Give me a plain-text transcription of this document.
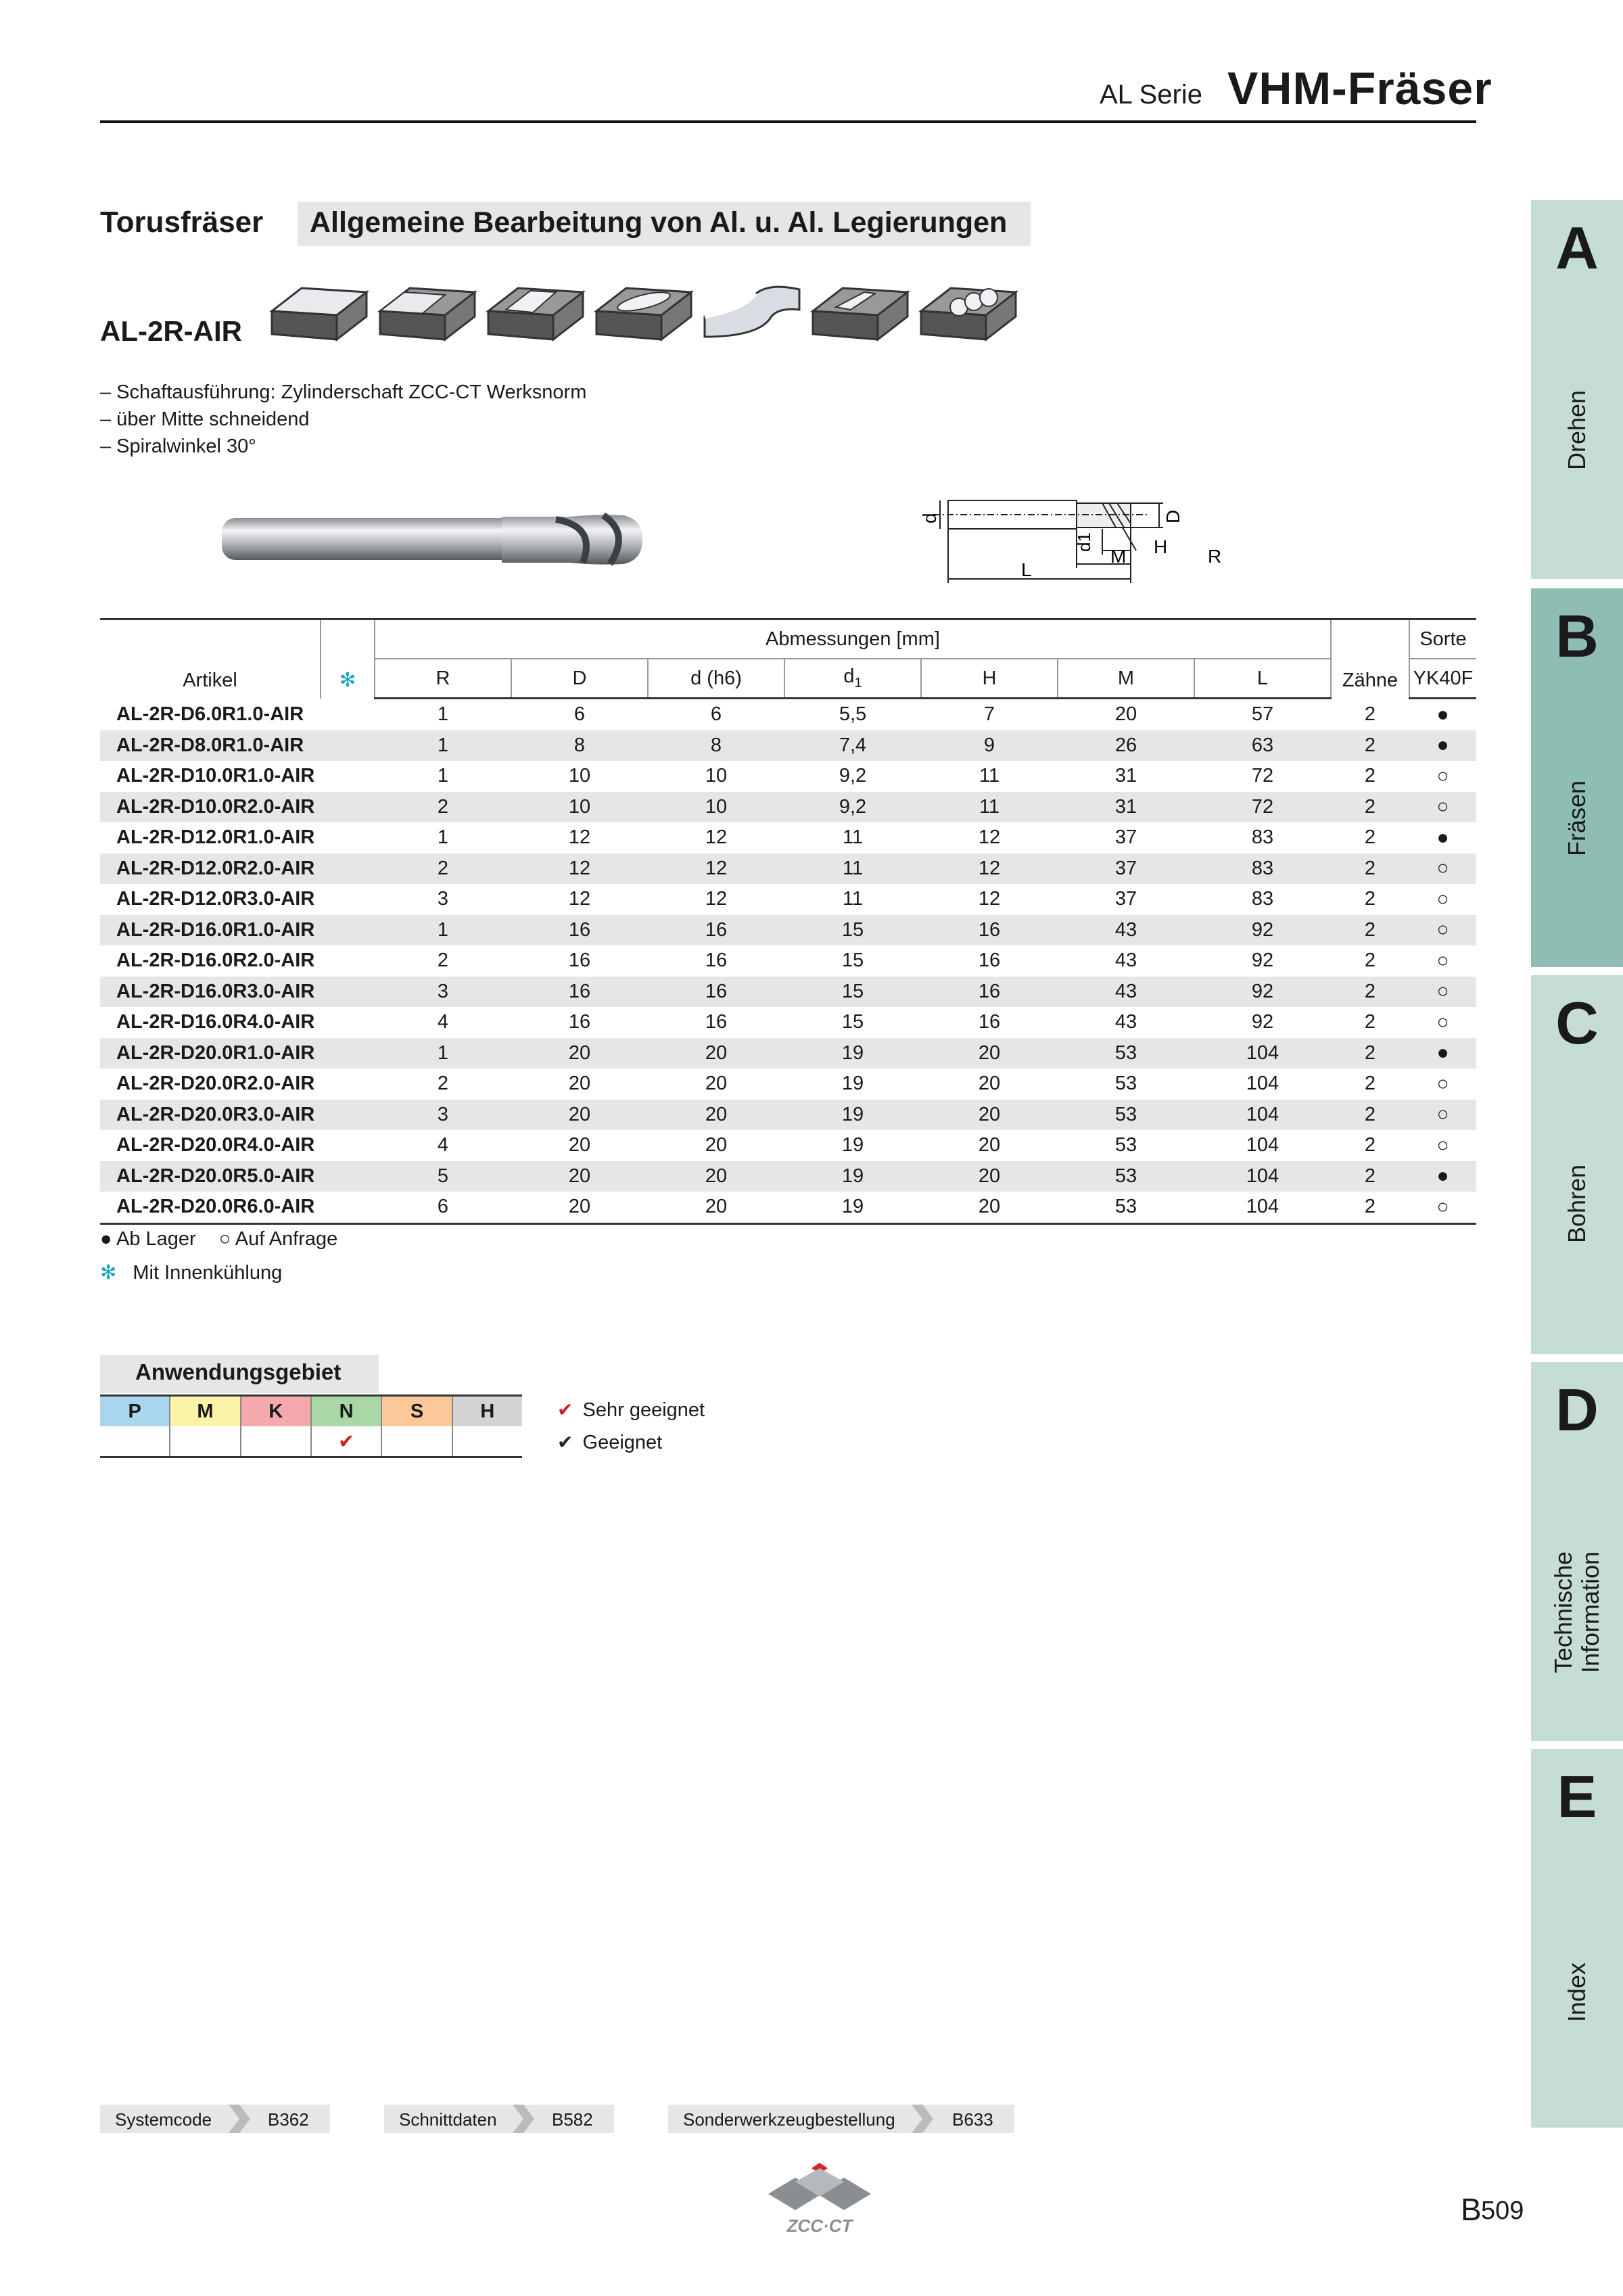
AL Serie VHM-Fräser
Torusfräser Allgemeine Bearbeitung von Al. u. Al. Legierungen
AL-2R-AIR
– Schaftausführung: Zylinderschaft ZCC-CT Werksnorm
– über Mitte schneidend
– Spiralwinkel 30°
d
d1
D
M H R
L
Artikel	✻	Abmessungen [mm]							Zähne	Sorte
		R	D	d (h6)	$d_1$	H	M	L		YK40F
AL-2R-D6.0R1.0-AIR		1	6	6	5,5	7	20	57	2	●
AL-2R-D8.0R1.0-AIR		1	8	8	7,4	9	26	63	2	●
AL-2R-D10.0R1.0-AIR		1	10	10	9,2	11	31	72	2	○
AL-2R-D10.0R2.0-AIR		2	10	10	9,2	11	31	72	2	○
AL-2R-D12.0R1.0-AIR		1	12	12	11	12	37	83	2	●
AL-2R-D12.0R2.0-AIR		2	12	12	11	12	37	83	2	○
AL-2R-D12.0R3.0-AIR		3	12	12	11	12	37	83	2	○
AL-2R-D16.0R1.0-AIR		1	16	16	15	16	43	92	2	○
AL-2R-D16.0R2.0-AIR		2	16	16	15	16	43	92	2	○
AL-2R-D16.0R3.0-AIR		3	16	16	15	16	43	92	2	○
AL-2R-D16.0R4.0-AIR		4	16	16	15	16	43	92	2	○
AL-2R-D20.0R1.0-AIR		1	20	20	19	20	53	104	2	●
AL-2R-D20.0R2.0-AIR		2	20	20	19	20	53	104	2	○
AL-2R-D20.0R3.0-AIR		3	20	20	19	20	53	104	2	○
AL-2R-D20.0R4.0-AIR		4	20	20	19	20	53	104	2	○
AL-2R-D20.0R5.0-AIR		5	20	20	19	20	53	104	2	●
AL-2R-D20.0R6.0-AIR		6	20	20	19	20	53	104	2	○
● Ab Lager ○ Auf Anfrage
✻ Mit Innenkühlung
Anwendungsgebiet
P	M	K	N	S	H
			✔		
✔ Sehr geeignet
✔ Geeignet
A
Drehen
B
Fräsen
C
Bohren
D
Technische Information
E
Index
Systemcode	B362	Schnittdaten	B582	Sonderwerkzeugbestellung	B633
ZCC·CT	B 509
